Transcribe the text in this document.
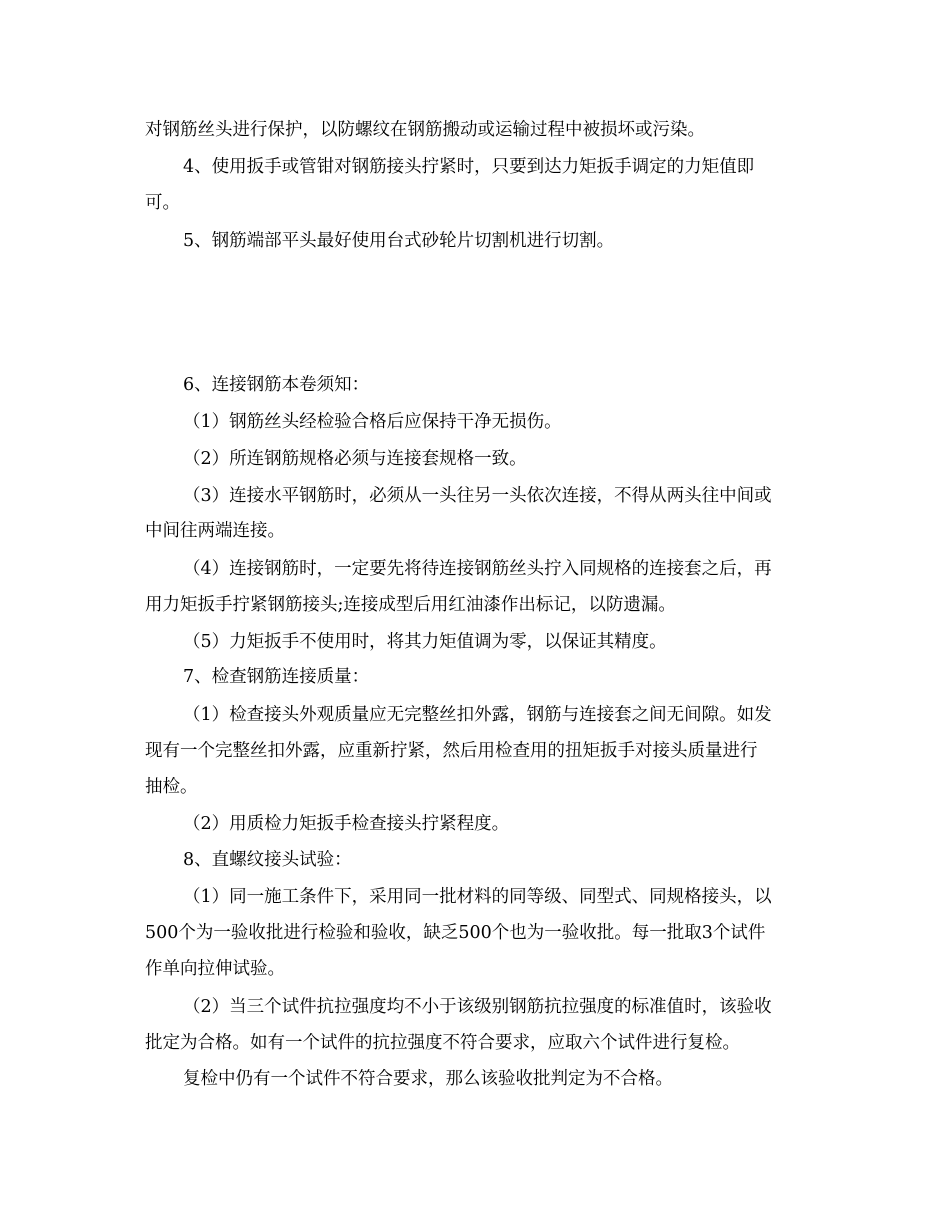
对钢筋丝头进行保护，以防螺纹在钢筋搬动或运输过程中被损坏或污染。
4、使用扳手或管钳对钢筋接头拧紧时，只要到达力矩扳手调定的力矩值即
可。
5、钢筋端部平头最好使用台式砂轮片切割机进行切割。
6、连接钢筋本卷须知：
（1）钢筋丝头经检验合格后应保持干净无损伤。
（2）所连钢筋规格必须与连接套规格一致。
（3）连接水平钢筋时，必须从一头往另一头依次连接，不得从两头往中间或
中间往两端连接。
（4）连接钢筋时，一定要先将待连接钢筋丝头拧入同规格的连接套之后，再
用力矩扳手拧紧钢筋接头;连接成型后用红油漆作出标记，以防遗漏。
（5）力矩扳手不使用时，将其力矩值调为零，以保证其精度。
7、检查钢筋连接质量：
（1）检查接头外观质量应无完整丝扣外露，钢筋与连接套之间无间隙。如发
现有一个完整丝扣外露，应重新拧紧，然后用检查用的扭矩扳手对接头质量进行
抽检。
（2）用质检力矩扳手检查接头拧紧程度。
8、直螺纹接头试验：
（1）同一施工条件下，采用同一批材料的同等级、同型式、同规格接头，以
500个为一验收批进行检验和验收，缺乏500个也为一验收批。每一批取3个试件
作单向拉伸试验。
（2）当三个试件抗拉强度均不小于该级别钢筋抗拉强度的标准值时，该验收
批定为合格。如有一个试件的抗拉强度不符合要求，应取六个试件进行复检。
复检中仍有一个试件不符合要求，那么该验收批判定为不合格。
